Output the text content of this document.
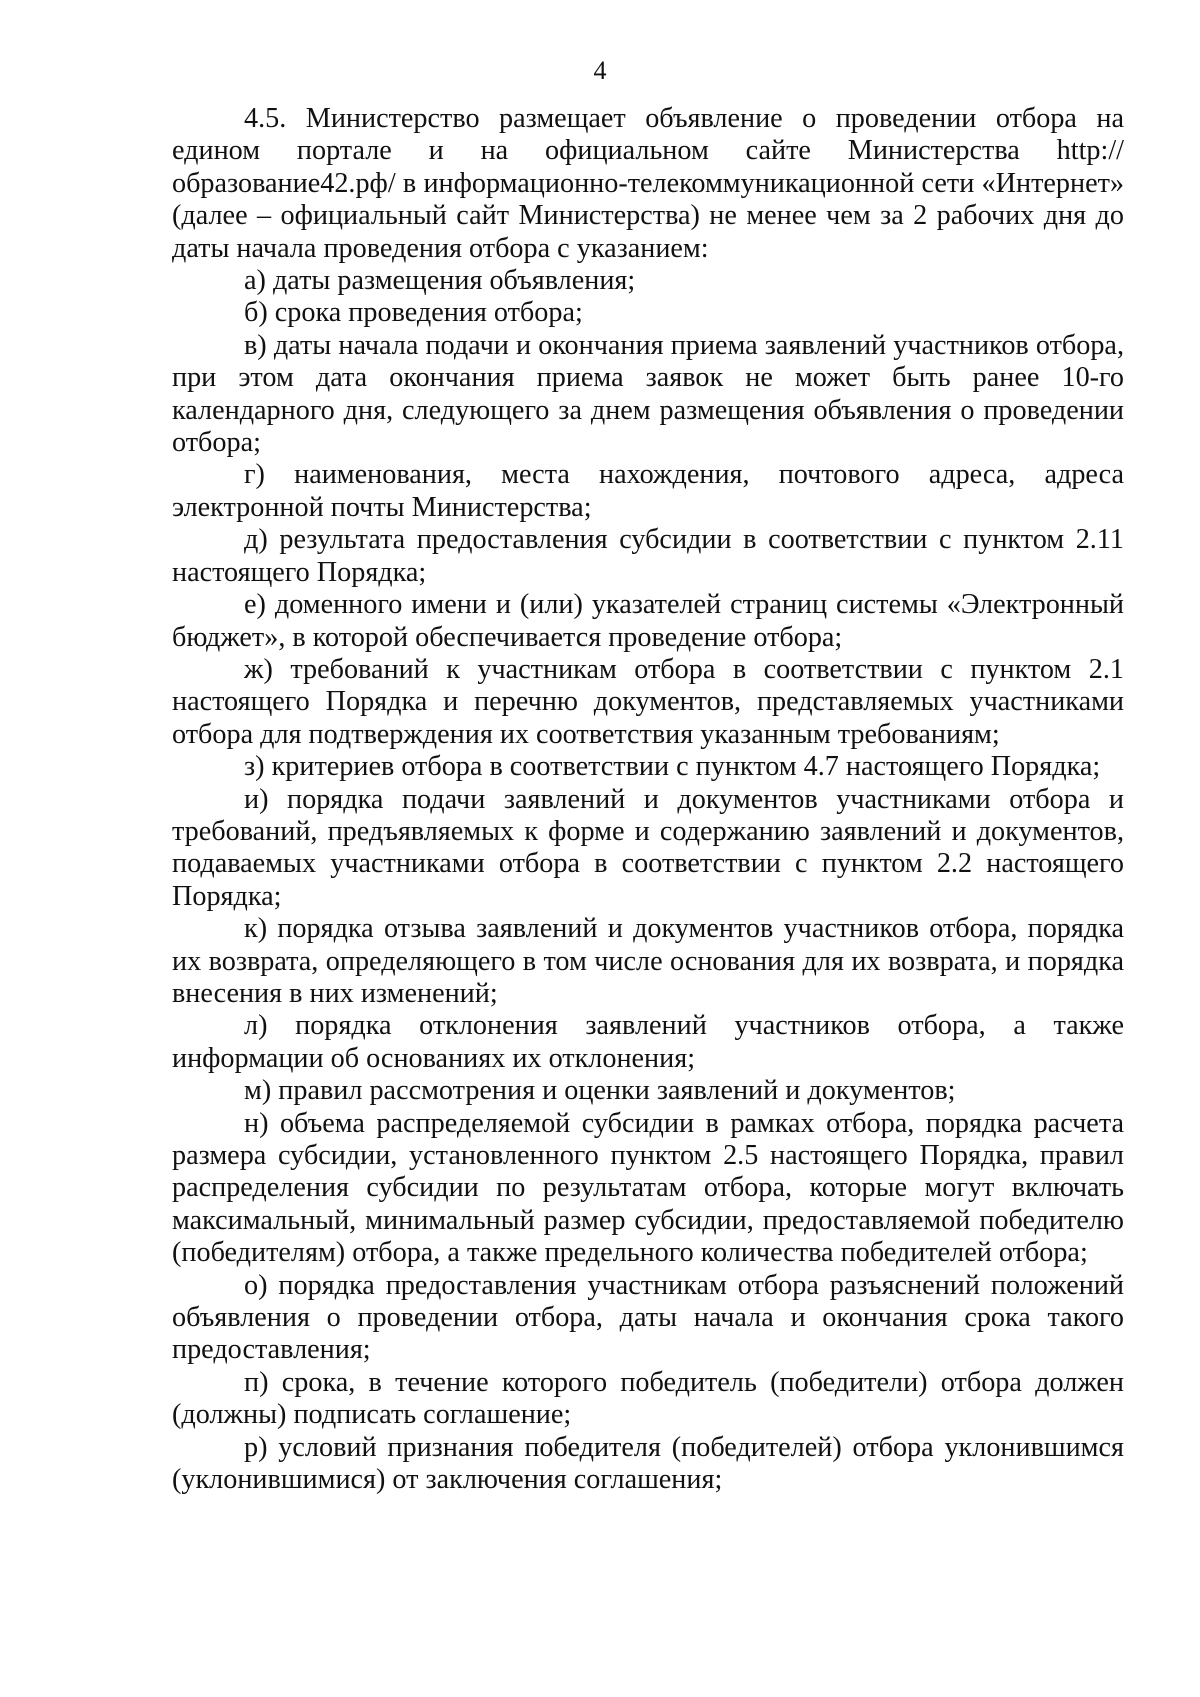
4

4.5. Министерство размещает объявление о проведении отбора на едином портале и на официальном сайте Министерства http://образование42.рф/ в информационно-телекоммуникационной сети «Интернет» (далее – официальный сайт Министерства) не менее чем за 2 рабочих дня до даты начала проведения отбора с указанием:

а) даты размещения объявления;

б) срока проведения отбора;

в) даты начала подачи и окончания приема заявлений участников отбора, при этом дата окончания приема заявок не может быть ранее 10-го календарного дня, следующего за днем размещения объявления о проведении отбора;

г) наименования, места нахождения, почтового адреса, адреса электронной почты Министерства;

д) результата предоставления субсидии в соответствии с пунктом 2.11 настоящего Порядка;

е) доменного имени и (или) указателей страниц системы «Электронный бюджет», в которой обеспечивается проведение отбора;

ж) требований к участникам отбора в соответствии с пунктом 2.1 настоящего Порядка и перечню документов, представляемых участниками отбора для подтверждения их соответствия указанным требованиям;

з) критериев отбора в соответствии с пунктом 4.7 настоящего Порядка;

и) порядка подачи заявлений и документов участниками отбора и требований, предъявляемых к форме и содержанию заявлений и документов, подаваемых участниками отбора в соответствии с пунктом 2.2 настоящего Порядка;

к) порядка отзыва заявлений и документов участников отбора, порядка их возврата, определяющего в том числе основания для их возврата, и порядка внесения в них изменений;

л) порядка отклонения заявлений участников отбора, а также информации об основаниях их отклонения;

м) правил рассмотрения и оценки заявлений и документов;

н) объема распределяемой субсидии в рамках отбора, порядка расчета размера субсидии, установленного пунктом 2.5 настоящего Порядка, правил распределения субсидии по результатам отбора, которые могут включать максимальный, минимальный размер субсидии, предоставляемой победителю (победителям) отбора, а также предельного количества победителей отбора;

о) порядка предоставления участникам отбора разъяснений положений объявления о проведении отбора, даты начала и окончания срока такого предоставления;

п) срока, в течение которого победитель (победители) отбора должен (должны) подписать соглашение;

р) условий признания победителя (победителей) отбора уклонившимся (уклонившимися) от заключения соглашения;
